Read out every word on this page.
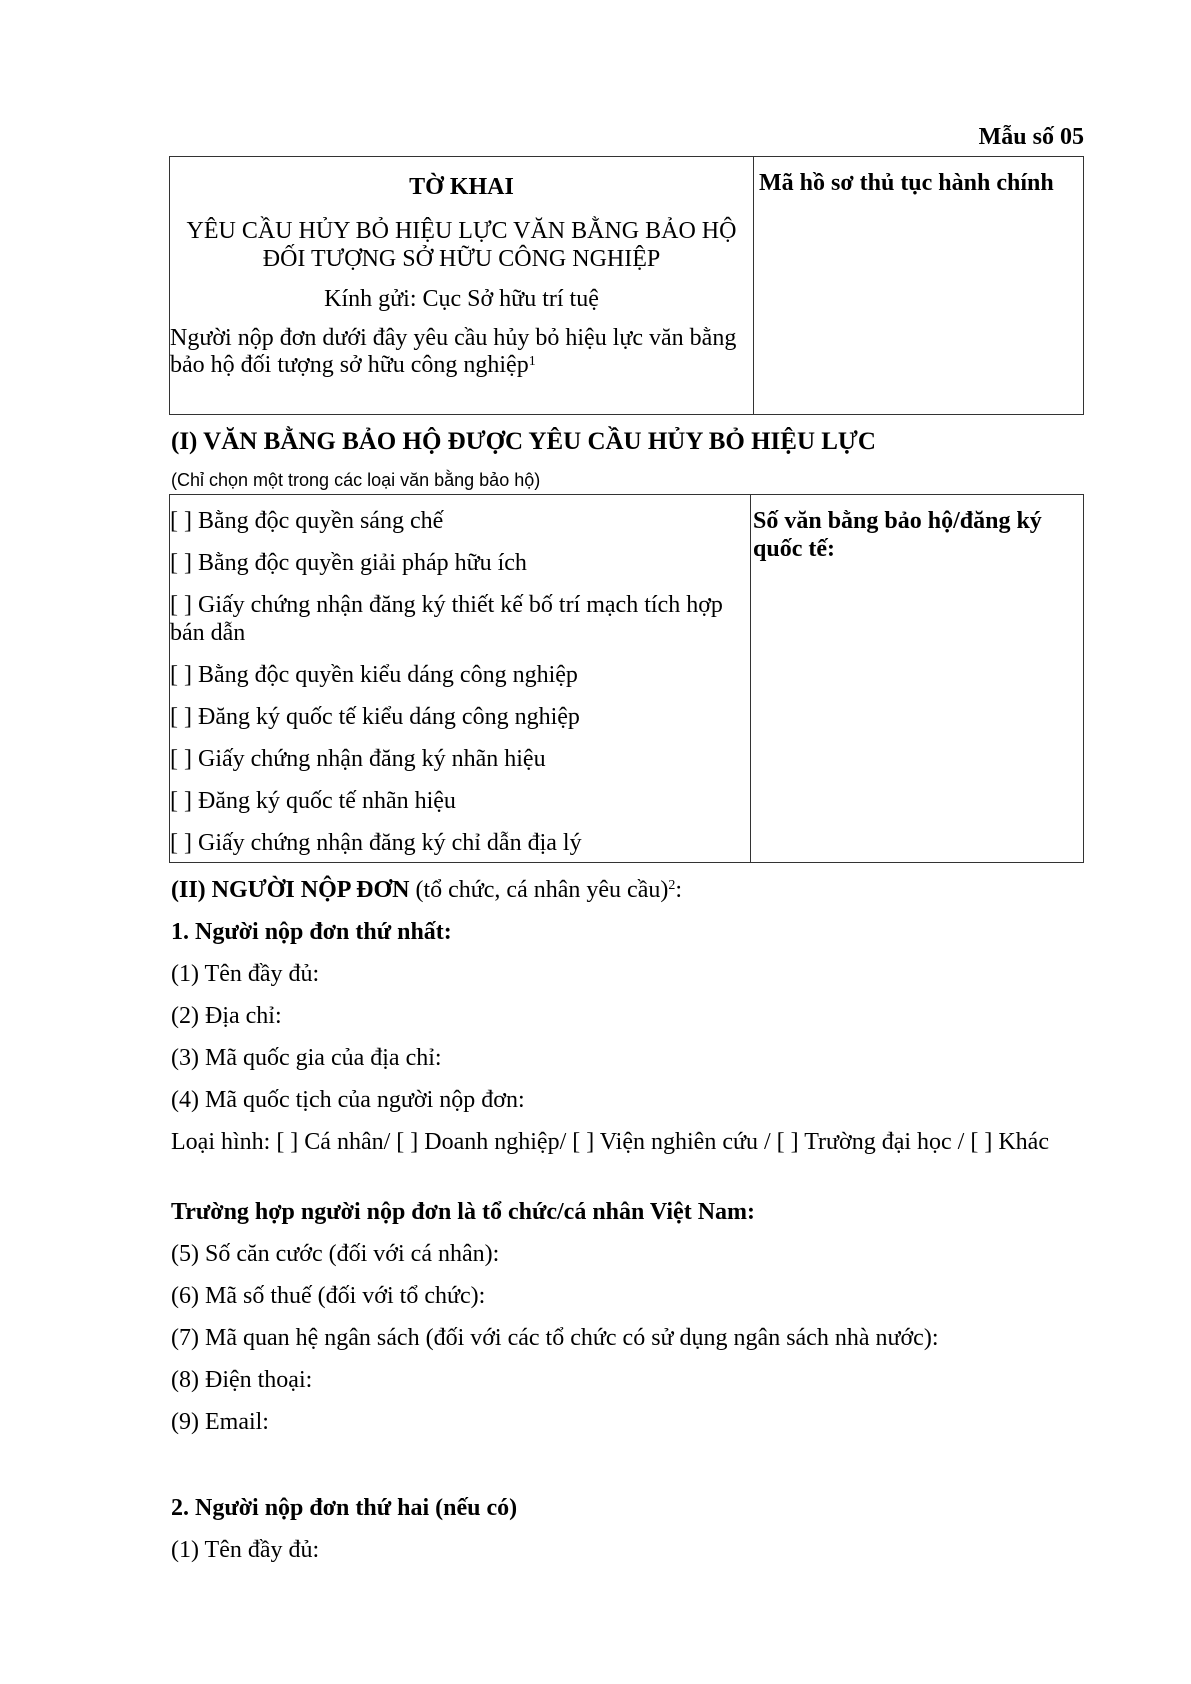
Mẫu số 05
TỜ KHAI
YÊU CẦU HỦY BỎ HIỆU LỰC VĂN BẰNG BẢO HỘ
ĐỐI TƯỢNG SỞ HỮU CÔNG NGHIỆP
Kính gửi: Cục Sở hữu trí tuệ
Người nộp đơn dưới đây yêu cầu hủy bỏ hiệu lực văn bằng bảo hộ đối tượng sở hữu công nghiệp$^1$
	Mã hồ sơ thủ tục hành chính
(I) VĂN BẰNG BẢO HỘ ĐƯỢC YÊU CẦU HỦY BỎ HIỆU LỰC
(Chỉ chọn một trong các loại văn bằng bảo hộ)
[ ] Bằng độc quyền sáng chế
[ ] Bằng độc quyền giải pháp hữu ích
[ ] Giấy chứng nhận đăng ký thiết kế bố trí mạch tích hợp bán dẫn
[ ] Bằng độc quyền kiểu dáng công nghiệp
[ ] Đăng ký quốc tế kiểu dáng công nghiệp
[ ] Giấy chứng nhận đăng ký nhãn hiệu
[ ] Đăng ký quốc tế nhãn hiệu
[ ] Giấy chứng nhận đăng ký chỉ dẫn địa lý
	Số văn bằng bảo hộ/đăng ký quốc tế:
(II) NGƯỜI NỘP ĐƠN (tổ chức, cá nhân yêu cầu)$^2$:
1. Người nộp đơn thứ nhất:
(1) Tên đầy đủ:
(2) Địa chỉ:
(3) Mã quốc gia của địa chỉ:
(4) Mã quốc tịch của người nộp đơn:
Loại hình: [ ] Cá nhân/ [ ] Doanh nghiệp/ [ ] Viện nghiên cứu / [ ] Trường đại học / [ ] Khác
Trường hợp người nộp đơn là tổ chức/cá nhân Việt Nam:
(5) Số căn cước (đối với cá nhân):
(6) Mã số thuế (đối với tổ chức):
(7) Mã quan hệ ngân sách (đối với các tổ chức có sử dụng ngân sách nhà nước):
(8) Điện thoại:
(9) Email:
2. Người nộp đơn thứ hai (nếu có)
(1) Tên đầy đủ:
